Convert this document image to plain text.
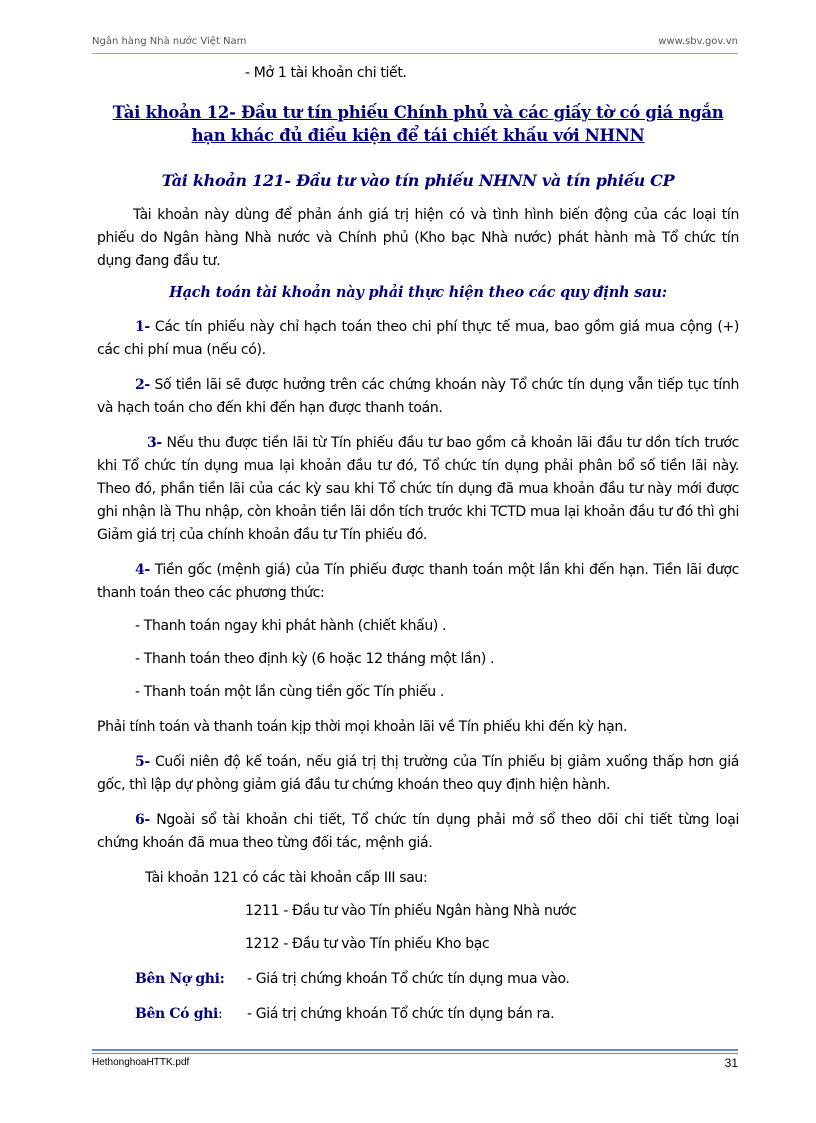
Ngân hàng Nhà nước Việt Nam	www.sbv.gov.vn

- Mở 1 tài khoản chi tiết.

Tài khoản 12- Đầu tư tín phiếu Chính phủ và các giấy tờ có giá ngắn hạn khác đủ điều kiện để tái chiết khấu với NHNN

Tài khoản 121- Đầu tư vào tín phiếu NHNN và tín phiếu CP

Tài khoản này dùng để phản ánh giá trị hiện có và tình hình biến động của các loại tín phiếu do Ngân hàng Nhà nước và Chính phủ (Kho bạc Nhà nước) phát hành mà Tổ chức tín dụng đang đầu tư.

Hạch toán tài khoản này phải thực hiện theo các quy định sau:

1- Các tín phiếu này chỉ hạch toán theo chi phí thực tế mua, bao gồm giá mua cộng (+) các chi phí mua (nếu có).

2- Số tiền lãi sẽ được hưởng trên các chứng khoán này Tổ chức tín dụng vẫn tiếp tục tính và hạch toán cho đến khi đến hạn được thanh toán.

3- Nếu thu được tiền lãi từ Tín phiếu đầu tư bao gồm cả khoản lãi đầu tư dồn tích trước khi Tổ chức tín dụng mua lại khoản đầu tư đó, Tổ chức tín dụng phải phân bổ số tiền lãi này. Theo đó, phần tiền lãi của các kỳ sau khi Tổ chức tín dụng đã mua khoản đầu tư này mới được ghi nhận là Thu nhập, còn khoản tiền lãi dồn tích trước khi TCTD mua lại khoản đầu tư đó thì ghi Giảm giá trị của chính khoản đầu tư Tín phiếu đó.

4- Tiền gốc (mệnh giá) của Tín phiếu được thanh toán một lần khi đến hạn. Tiền lãi được thanh toán theo các phương thức:

- Thanh toán ngay khi phát hành (chiết khấu) .

- Thanh toán theo định kỳ (6 hoặc 12 tháng một lần) .

- Thanh toán một lần cùng tiền gốc Tín phiếu .

Phải tính toán và thanh toán kịp thời mọi khoản lãi về Tín phiếu khi đến kỳ hạn.

5- Cuối niên độ kế toán, nếu giá trị thị trường của Tín phiếu bị giảm xuống thấp hơn giá gốc, thì lập dự phòng giảm giá đầu tư chứng khoán theo quy định hiện hành.

6- Ngoài sổ tài khoản chi tiết, Tổ chức tín dụng phải mở sổ theo dõi chi tiết từng loại chứng khoán đã mua theo từng đối tác, mệnh giá.

Tài khoản 121 có các tài khoản cấp III sau:

1211 - Đầu tư vào Tín phiếu Ngân hàng Nhà nước

1212 - Đầu tư vào Tín phiếu Kho bạc

Bên Nợ ghi: - Giá trị chứng khoán Tổ chức tín dụng mua vào.

Bên Có ghi: - Giá trị chứng khoán Tổ chức tín dụng bán ra.

HethonghoaHTTK.pdf	31
